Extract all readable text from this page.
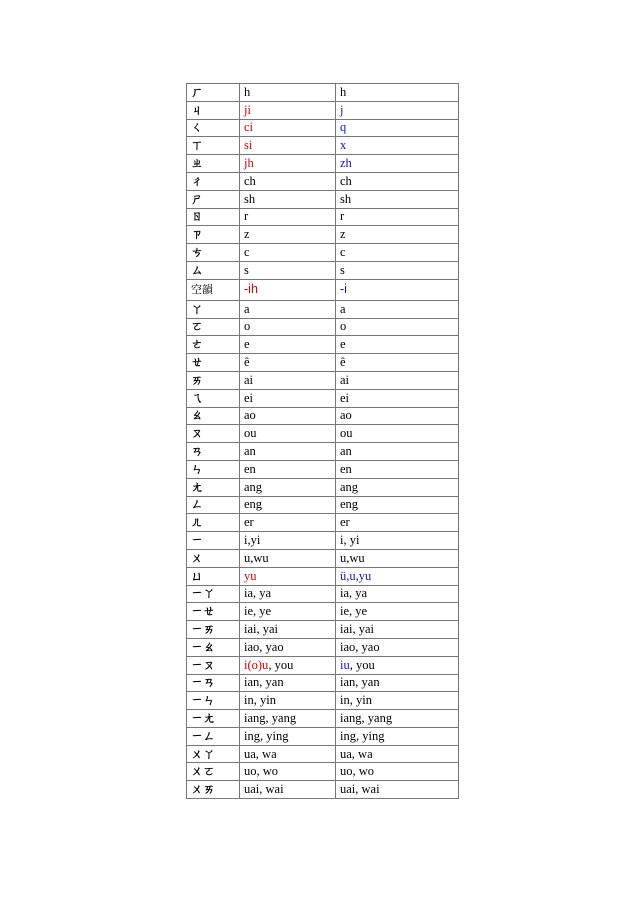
ㄏ	h	h
ㄐ	ji	j
ㄑ	ci	q
ㄒ	si	x
ㄓ	jh	zh
ㄔ	ch	ch
ㄕ	sh	sh
ㄖ	r	r
ㄗ	z	z
ㄘ	c	c
ㄙ	s	s
空韻	-ih	-i
ㄚ	a	a
ㄛ	o	o
ㄜ	e	e
ㄝ	ê	ê
ㄞ	ai	ai
ㄟ	ei	ei
ㄠ	ao	ao
ㄡ	ou	ou
ㄢ	an	an
ㄣ	en	en
ㄤ	ang	ang
ㄥ	eng	eng
ㄦ	er	er
ㄧ	i,yi	i, yi
ㄨ	u,wu	u,wu
ㄩ	yu	ü,u,yu
ㄧㄚ	ia, ya	ia, ya
ㄧㄝ	ie, ye	ie, ye
ㄧㄞ	iai, yai	iai, yai
ㄧㄠ	iao, yao	iao, yao
ㄧㄡ	i(o)u, you	iu, you
ㄧㄢ	ian, yan	ian, yan
ㄧㄣ	in, yin	in, yin
ㄧㄤ	iang, yang	iang, yang
ㄧㄥ	ing, ying	ing, ying
ㄨㄚ	ua, wa	ua, wa
ㄨㄛ	uo, wo	uo, wo
ㄨㄞ	uai, wai	uai, wai
